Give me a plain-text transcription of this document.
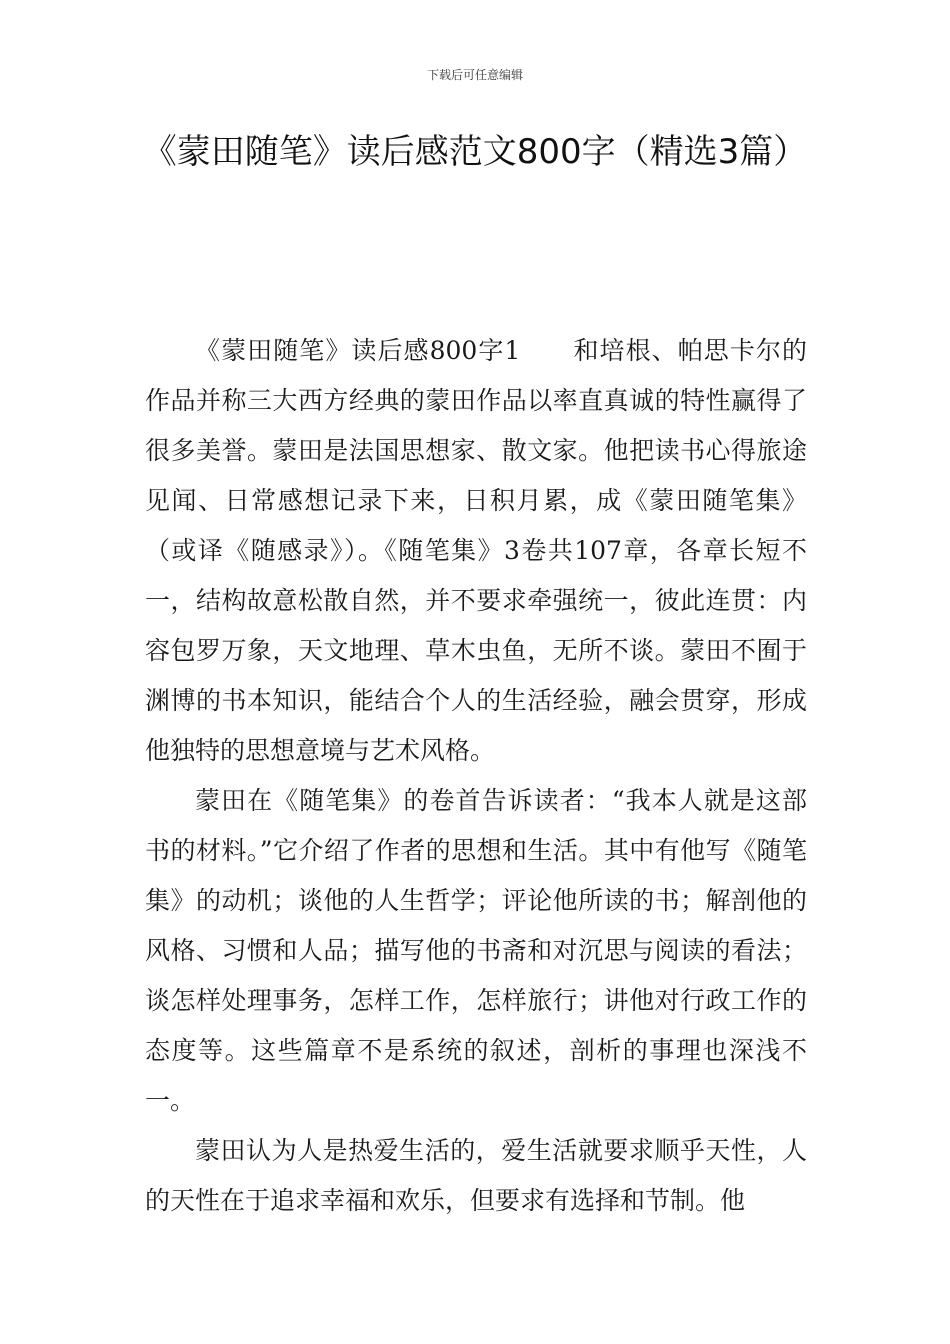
下载后可任意编辑
《蒙田随笔》读后感范文800字（精选3篇）

《蒙田随笔》读后感800字1　　和培根、帕思卡尔的作品并称三大西方经典的蒙田作品以率直真诚的特性赢得了很多美誉。蒙田是法国思想家、散文家。他把读书心得旅途见闻、日常感想记录下来，日积月累，成《蒙田随笔集》（或译《随感录》）。《随笔集》3卷共107章，各章长短不一，结构故意松散自然，并不要求牵强统一，彼此连贯：内容包罗万象，天文地理、草木虫鱼，无所不谈。蒙田不囿于渊博的书本知识，能结合个人的生活经验，融会贯穿，形成他独特的思想意境与艺术风格。

蒙田在《随笔集》的卷首告诉读者：“我本人就是这部书的材料。”它介绍了作者的思想和生活。其中有他写《随笔集》的动机；谈他的人生哲学；评论他所读的书；解剖他的风格、习惯和人品；描写他的书斋和对沉思与阅读的看法；谈怎样处理事务，怎样工作，怎样旅行；讲他对行政工作的态度等。这些篇章不是系统的叙述，剖析的事理也深浅不一。

蒙田认为人是热爱生活的，爱生活就要求顺乎天性，人的天性在于追求幸福和欢乐，但要求有选择和节制。他
